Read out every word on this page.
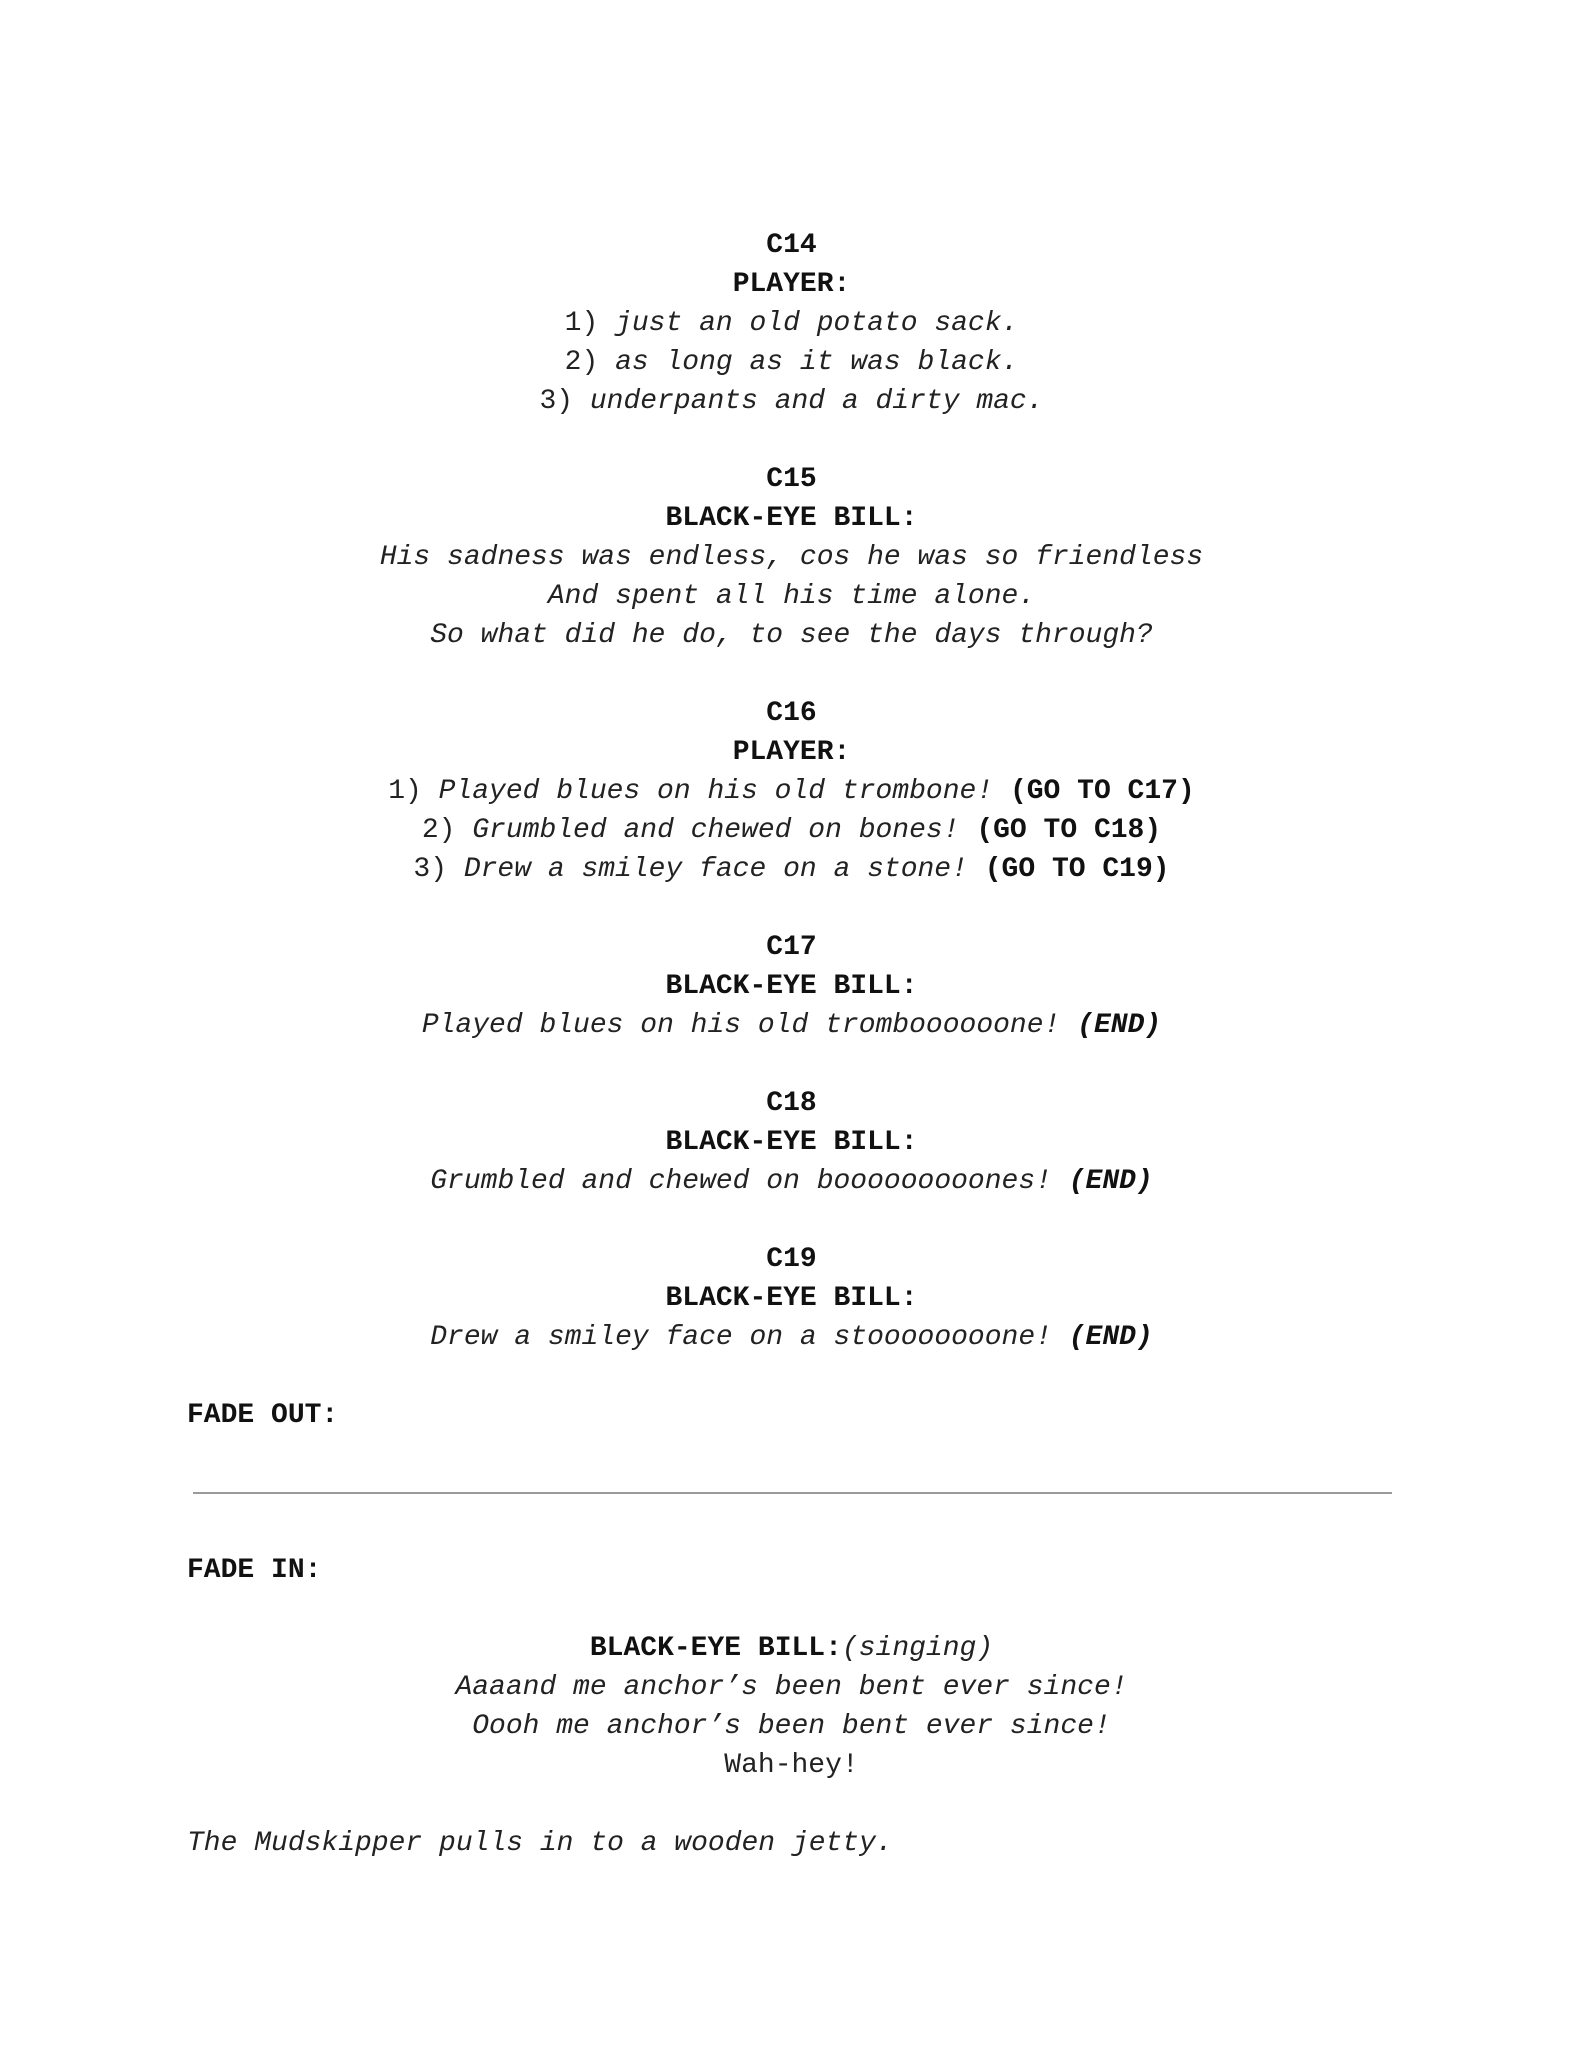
C14
PLAYER:
1) just an old potato sack.
2) as long as it was black.
3) underpants and a dirty mac.
C15
BLACK-EYE BILL:
His sadness was endless, cos he was so friendless
And spent all his time alone.
So what did he do, to see the days through?
C16
PLAYER:
1) Played blues on his old trombone! (GO TO C17)
2) Grumbled and chewed on bones! (GO TO C18)
3) Drew a smiley face on a stone! (GO TO C19)
C17
BLACK-EYE BILL:
Played blues on his old tromboooooone! (END)
C18
BLACK-EYE BILL:
Grumbled and chewed on booooooooones! (END)
C19
BLACK-EYE BILL:
Drew a smiley face on a stoooooooone! (END)
FADE OUT:
FADE IN:
BLACK-EYE BILL:(singing)
Aaaand me anchor’s been bent ever since!
Oooh me anchor’s been bent ever since!
Wah-hey!
The Mudskipper pulls in to a wooden jetty.
